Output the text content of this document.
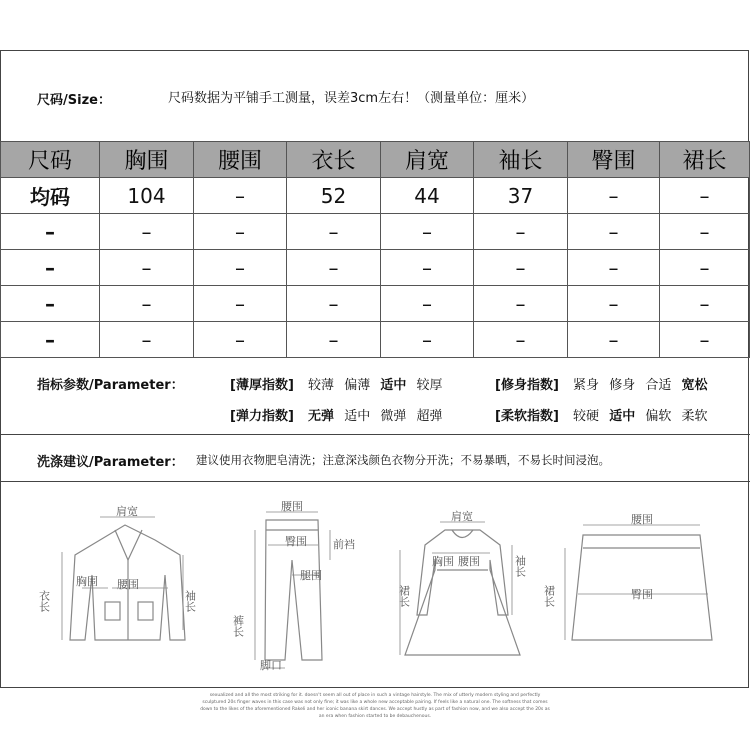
尺码/Size：	尺码数据为平铺手工测量，误差3cm左右！（测量单位：厘米）
尺码	胸围	腰围	衣长	肩宽	袖长	臀围	裙长
均码	104	–	52	44	37	–	–
–	–	–	–	–	–	–	–
–	–	–	–	–	–	–	–
–	–	–	–	–	–	–	–
–	–	–	–	–	–	–	–
指标参数/Parameter：	[薄厚指数] 较薄 偏薄 适中 较厚	[修身指数] 紧身 修身 合适 宽松
[弹力指数] 无弹 适中 微弹 超弹	[柔软指数] 较硬 适中 偏软 柔软
洗涤建议/Parameter： 建议使用衣物肥皂清洗；注意深浅颜色衣物分开洗；不易暴晒，不易长时间浸泡。
肩宽
衣长
胸围 腰围
袖长
腰围
臀围 前裆
腿围
裤长
脚口
肩宽
袖长
胸围 腰围
裙长
腰围
臀围
裙长
sexualized and all the most striking for it. doesn't seem all out of place in such a vintage hairstyle. The mix of utterly modern styling and perfectly sculptured 20s finger waves in this case was not only fine; it was like a whole new acceptable pairing. If feels like a natural one. The softness that comes down to the likes of the aforementioned Rakeli and her iconic banana skirt dances. We accept hustly as part of fashion now, and we also accept the 20s as an era when fashion started to be debauchenous.
